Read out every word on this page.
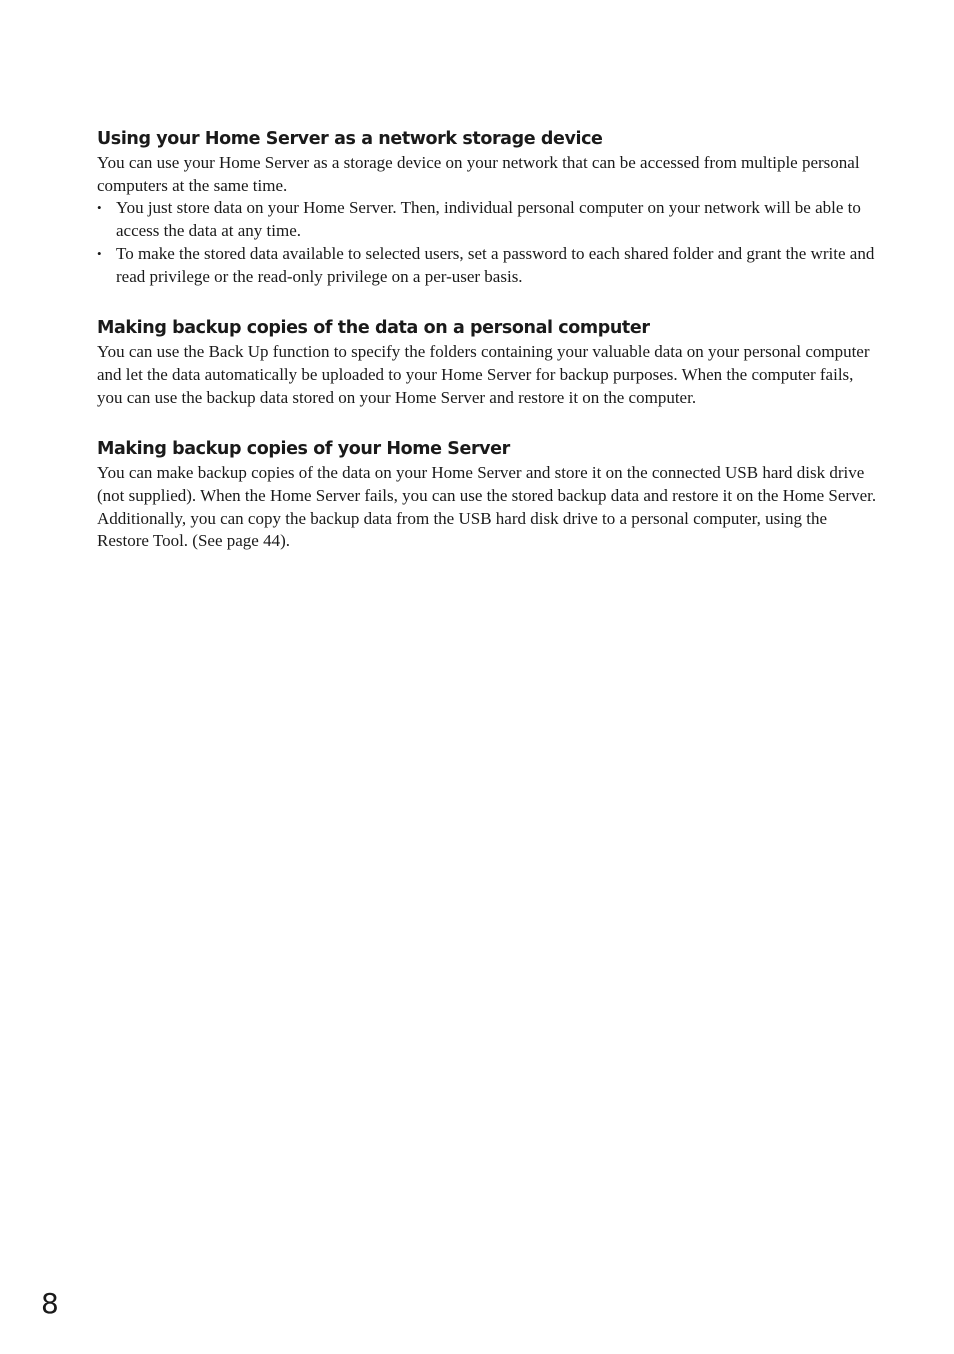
Using your Home Server as a network storage device

You can use your Home Server as a storage device on your network that can be accessed from multiple personal computers at the same time.

• You just store data on your Home Server. Then, individual personal computer on your network will be able to access the data at any time.
• To make the stored data available to selected users, set a password to each shared folder and grant the write and read privilege or the read-only privilege on a per-user basis.
Making backup copies of the data on a personal computer

You can use the Back Up function to specify the folders containing your valuable data on your personal computer and let the data automatically be uploaded to your Home Server for backup purposes. When the computer fails, you can use the backup data stored on your Home Server and restore it on the computer.

Making backup copies of your Home Server

You can make backup copies of the data on your Home Server and store it on the connected USB hard disk drive (not supplied). When the Home Server fails, you can use the stored backup data and restore it on the Home Server. Additionally, you can copy the backup data from the USB hard disk drive to a personal computer, using the Restore Tool. (See page 44).

8
